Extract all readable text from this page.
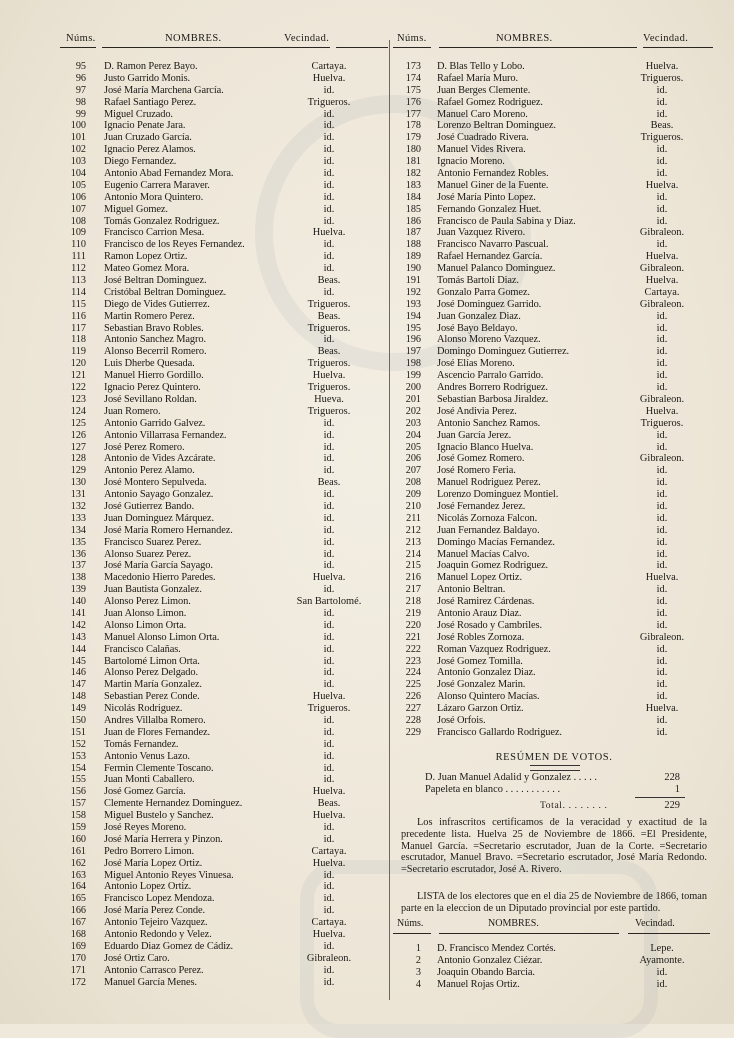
Núms.	NOMBRES.	Vecindad.
95 D. Ramon Perez Bayo.	Cartaya.
96 Justo Garrido Monis.	Huelva.
97 José María Marchena García.	id.
98 Rafael Santiago Perez.	Trigueros.
99 Miguel Cruzado.	id.
100 Ignacio Penate Jara.	id.
101 Juan Cruzado García.	id.
102 Ignacio Perez Alamos.	id.
103 Diego Fernandez.	id.
104 Antonio Abad Fernandez Mora.	id.
105 Eugenio Carrera Maraver.	id.
106 Antonio Mora Quintero.	id.
107 Miguel Gomez.	id.
108 Tomás Gonzalez Rodriguez.	id.
109 Francisco Carrion Mesa.	Huelva.
110 Francisco de los Reyes Fernandez.	id.
111 Ramon Lopez Ortiz.	id.
112 Mateo Gomez Mora.	id.
113 José Beltran Dominguez.	Beas.
114 Cristóbal Beltran Dominguez.	id.
115 Diego de Vides Gutierrez.	Trigueros.
116 Martin Romero Perez.	Beas.
117 Sebastian Bravo Robles.	Trigueros.
118 Antonio Sanchez Magro.	id.
119 Alonso Becerril Romero.	Beas.
120 Luis Dherbe Quesada.	Trigueros.
121 Manuel Hierro Gordillo.	Huelva.
122 Ignacio Perez Quintero.	Trigueros.
123 José Sevillano Roldan.	Hueva.
124 Juan Romero.	Trigueros.
125 Antonio Garrido Galvez.	id.
126 Antonio Villarrasa Fernandez.	id.
127 José Perez Romero.	id.
128 Antonio de Vides Azcárate.	id.
129 Antonio Perez Alamo.	id.
130 José Montero Sepulveda.	Beas.
131 Antonio Sayago Gonzalez.	id.
132 José Gutierrez Bando.	id.
133 Juan Dominguez Márquez.	id.
134 José María Romero Hernandez.	id.
135 Francisco Suarez Perez.	id.
136 Alonso Suarez Perez.	id.
137 José María García Sayago.	id.
138 Macedonio Hierro Paredes.	Huelva.
139 Juan Bautista Gonzalez.	id.
140 Alonso Perez Limon.	San Bartolomé.
141 Juan Alonso Limon.	id.
142 Alonso Limon Orta.	id.
143 Manuel Alonso Limon Orta.	id.
144 Francisco Calañas.	id.
145 Bartolomé Limon Orta.	id.
146 Alonso Perez Delgado.	id.
147 Martin María Gonzalez.	id.
148 Sebastian Perez Conde.	Huelva.
149 Nicolás Rodriguez.	Trigueros.
150 Andres Villalba Romero.	id.
151 Juan de Flores Fernandez.	id.
152 Tomás Fernandez.	id.
153 Antonio Venus Lazo.	id.
154 Fermin Clemente Toscano.	id.
155 Juan Monti Caballero.	id.
156 José Gomez García.	Huelva.
157 Clemente Hernandez Dominguez.	Beas.
158 Miguel Bustelo y Sanchez.	Huelva.
159 José Reyes Moreno.	id.
160 José María Herrera y Pinzon.	id.
161 Pedro Borrero Limon.	Cartaya.
162 José María Lopez Ortiz.	Huelva.
163 Miguel Antonio Reyes Vinuesa.	id.
164 Antonio Lopez Ortiz.	id.
165 Francisco Lopez Mendoza.	id.
166 José María Perez Conde.	id.
167 Antonio Tejeiro Vazquez.	Cartaya.
168 Antonio Redondo y Velez.	Huelva.
169 Eduardo Diaz Gomez de Cádiz.	id.
170 José Ortiz Caro.	Gibraleon.
171 Antonio Carrasco Perez.	id.
172 Manuel García Menes.	id.
Núms.	NOMBRES.	Vecindad.
173 D. Blas Tello y Lobo.	Huelva.
174 Rafael María Muro.	Trigueros.
175 Juan Berges Clemente.	id.
176 Rafael Gomez Rodriguez.	id.
177 Manuel Caro Moreno.	id.
178 Lorenzo Beltran Dominguez.	Beas.
179 José Cuadrado Rivera.	Trigueros.
180 Manuel Vides Rivera.	id.
181 Ignacio Moreno.	id.
182 Antonio Fernandez Robles.	id.
183 Manuel Giner de la Fuente.	Huelva.
184 José María Pinto Lopez.	id.
185 Fernando Gonzalez Huet.	id.
186 Francisco de Paula Sabina y Diaz.	id.
187 Juan Vazquez Rivero.	Gibraleon.
188 Francisco Navarro Pascual.	id.
189 Rafael Hernandez García.	Huelva.
190 Manuel Palanco Dominguez.	Gibraleon.
191 Tomás Bartolí Diaz.	Huelva.
192 Gonzalo Parra Gomez.	Cartaya.
193 José Dominguez Garrido.	Gibraleon.
194 Juan Gonzalez Diaz.	id.
195 José Bayo Beldayo.	id.
196 Alonso Moreno Vazquez.	id.
197 Domingo Dominguez Gutierrez.	id.
198 José Elías Moreno.	id.
199 Ascencio Parralo Garrido.	id.
200 Andres Borrero Rodriguez.	id.
201 Sebastian Barbosa Jiraldez.	Gibraleon.
202 José Andivia Perez.	Huelva.
203 Antonio Sanchez Ramos.	Trigueros.
204 Juan García Jerez.	id.
205 Ignacio Blanco Huelva.	id.
206 José Gomez Romero.	Gibraleon.
207 José Romero Feria.	id.
208 Manuel Rodriguez Perez.	id.
209 Lorenzo Dominguez Montiel.	id.
210 José Fernandez Jerez.	id.
211 Nicolás Zornoza Falcon.	id.
212 Juan Fernandez Baldayo.	id.
213 Domingo Macías Fernandez.	id.
214 Manuel Macías Calvo.	id.
215 Joaquin Gomez Rodriguez.	id.
216 Manuel Lopez Ortiz.	Huelva.
217 Antonio Beltran.	id.
218 José Ramirez Cárdenas.	id.
219 Antonio Arauz Diaz.	id.
220 José Rosado y Cambriles.	id.
221 José Robles Zornoza.	Gibraleon.
222 Roman Vazquez Rodriguez.	id.
223 José Gomez Tomilla.	id.
224 Antonio Gonzalez Diaz.	id.
225 José Gonzalez Marin.	id.
226 Alonso Quintero Macías.	id.
227 Lázaro Garzon Ortiz.	Huelva.
228 José Orfois.	id.
229 Francisco Gallardo Rodriguez.	id.
RESÚMEN DE VOTOS.
D. Juan Manuel Adalid y Gonzalez . . . . .	228
Papeleta en blanco . . . . . . . . . . .	1
Total. . . . . . . .	229
Los infrascritos certificamos de la veracidad y exactitud de la precedente lista. Huelva 25 de Noviembre de 1866. =El Presidente, Manuel García. =Secretario escrutador, Juan de la Corte. =Secretario escrutador, Manuel Bravo. =Secretario escrutador, José María Redondo. =Secretario escrutador, José A. Rivero.
LISTA de los electores que en el dia 25 de Noviembre de 1866, toman parte en la eleccion de un Diputado provincial por este partido.
Núms.	NOMBRES.	Vecindad.
1 D. Francisco Mendez Cortés.	Lepe.
2 Antonio Gonzalez Ciézar.	Ayamonte.
3 Joaquin Obando Barcia.	id.
4 Manuel Rojas Ortiz.	id.
